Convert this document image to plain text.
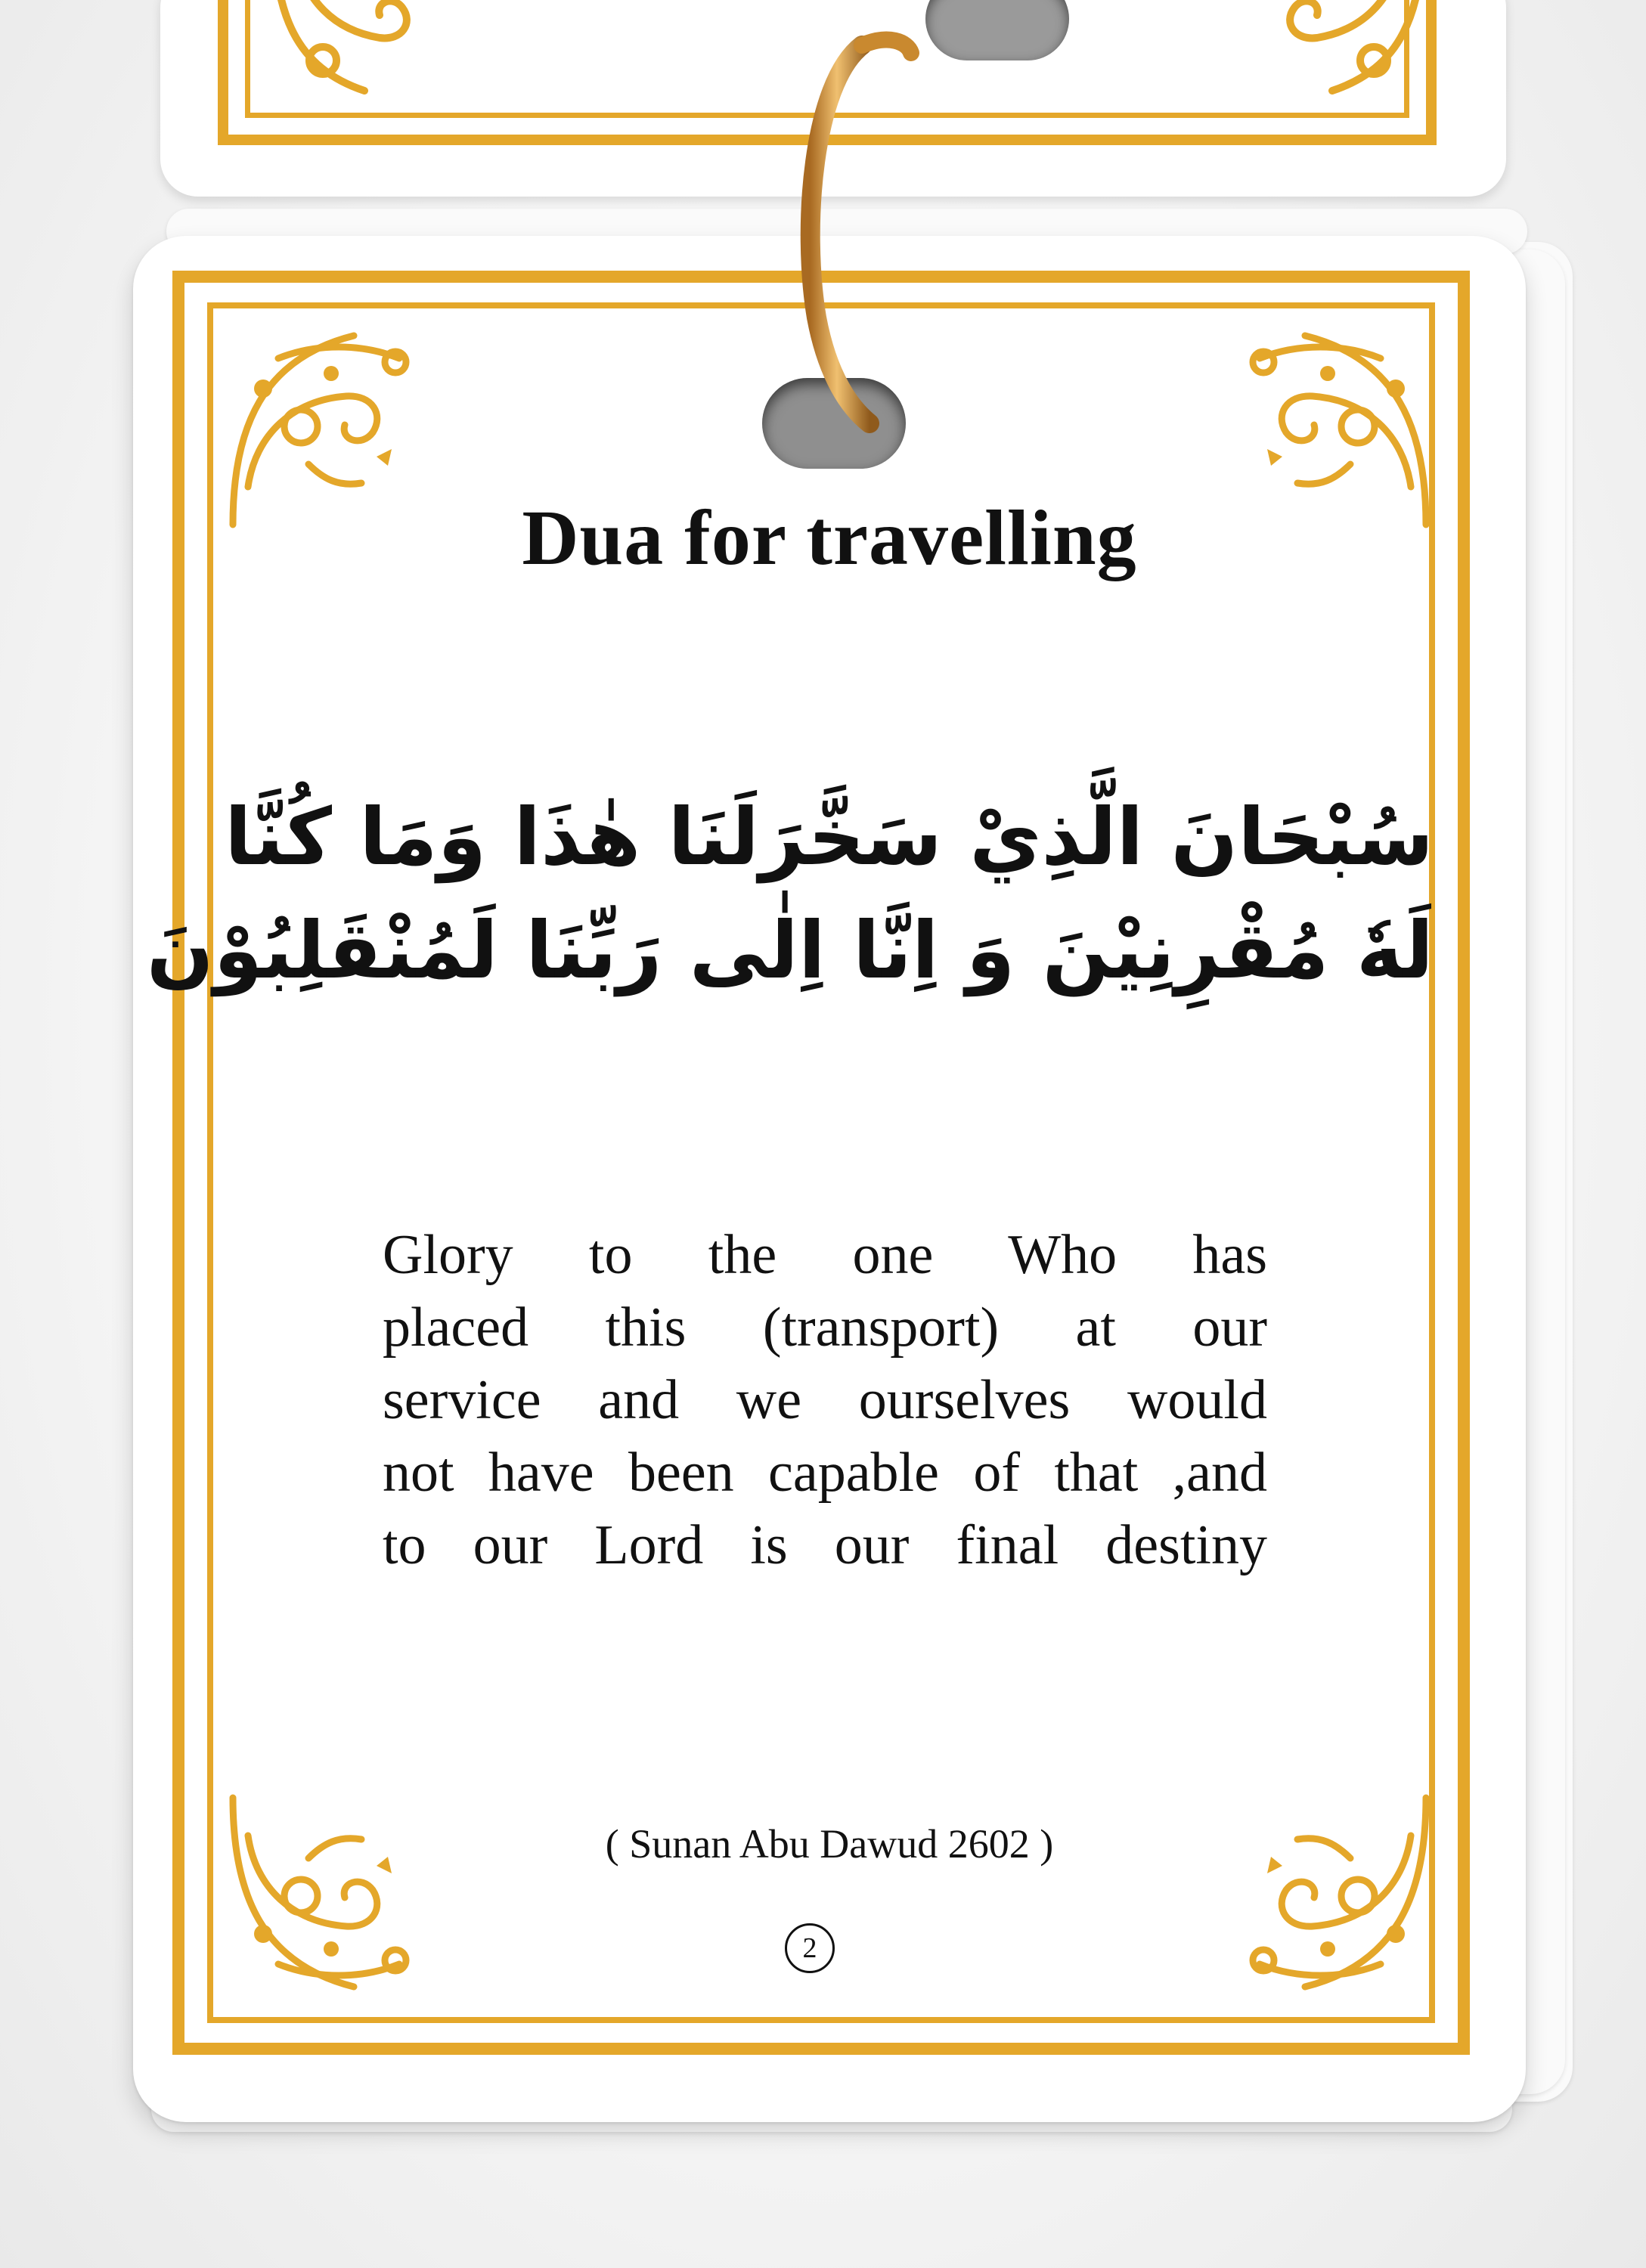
Dua for travelling
سُبْحَانَ الَّذِيْ سَخَّرَلَنَا هٰذَا وَمَا كُنَّا
لَهٗ مُقْرِنِيْنَ وَ اِنَّا اِلٰى رَبِّنَا لَمُنْقَلِبُوْنَ
Glory to the one Who has
placed this (transport) at our
service and we ourselves would
not have been capable of that ,and
to our Lord is our final destiny
( Sunan Abu Dawud 2602 )
2
